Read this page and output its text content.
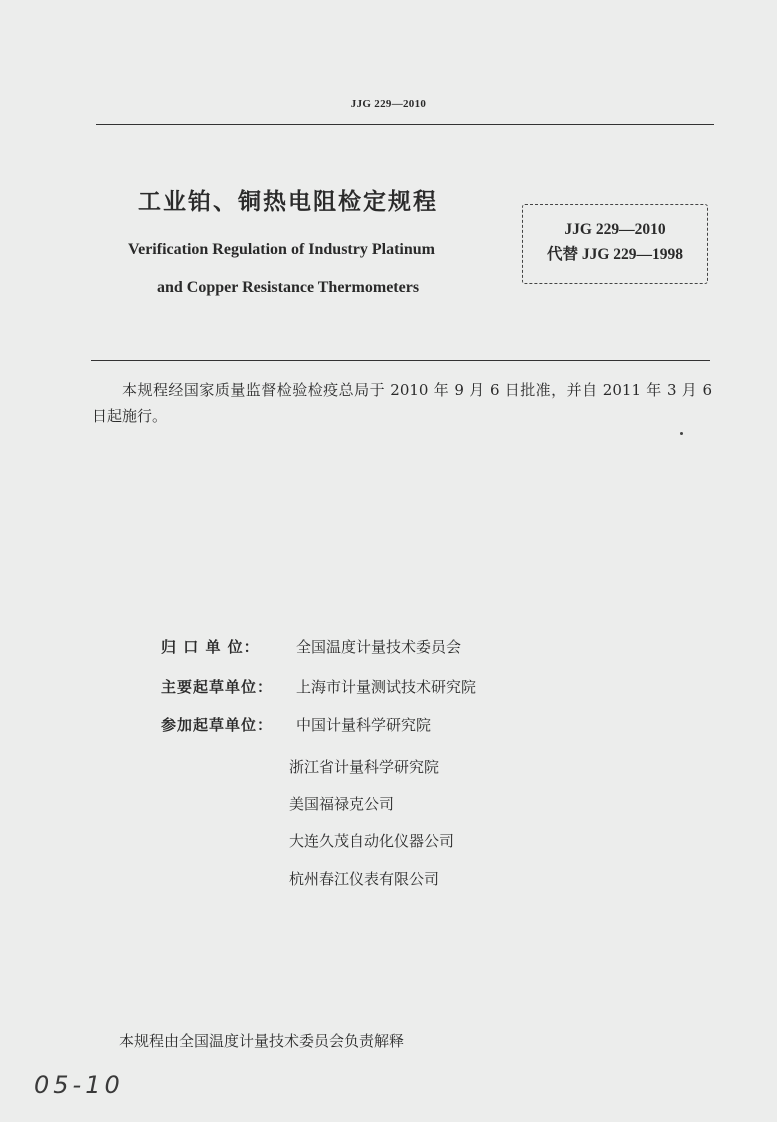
JJG 229—2010
工业铂、铜热电阻检定规程
Verification Regulation of Industry Platinum
and Copper Resistance Thermometers
JJG 229—2010
代替 JJG 229—1998
本规程经国家质量监督检验检疫总局于 2010 年 9 月 6 日批准，并自 2011 年 3 月 6 日起施行。
归 口 单 位： 全国温度计量技术委员会
主要起草单位： 上海市计量测试技术研究院
参加起草单位： 中国计量科学研究院
浙江省计量科学研究院
美国福禄克公司
大连久茂自动化仪器公司
杭州春江仪表有限公司
本规程由全国温度计量技术委员会负责解释
05-10
